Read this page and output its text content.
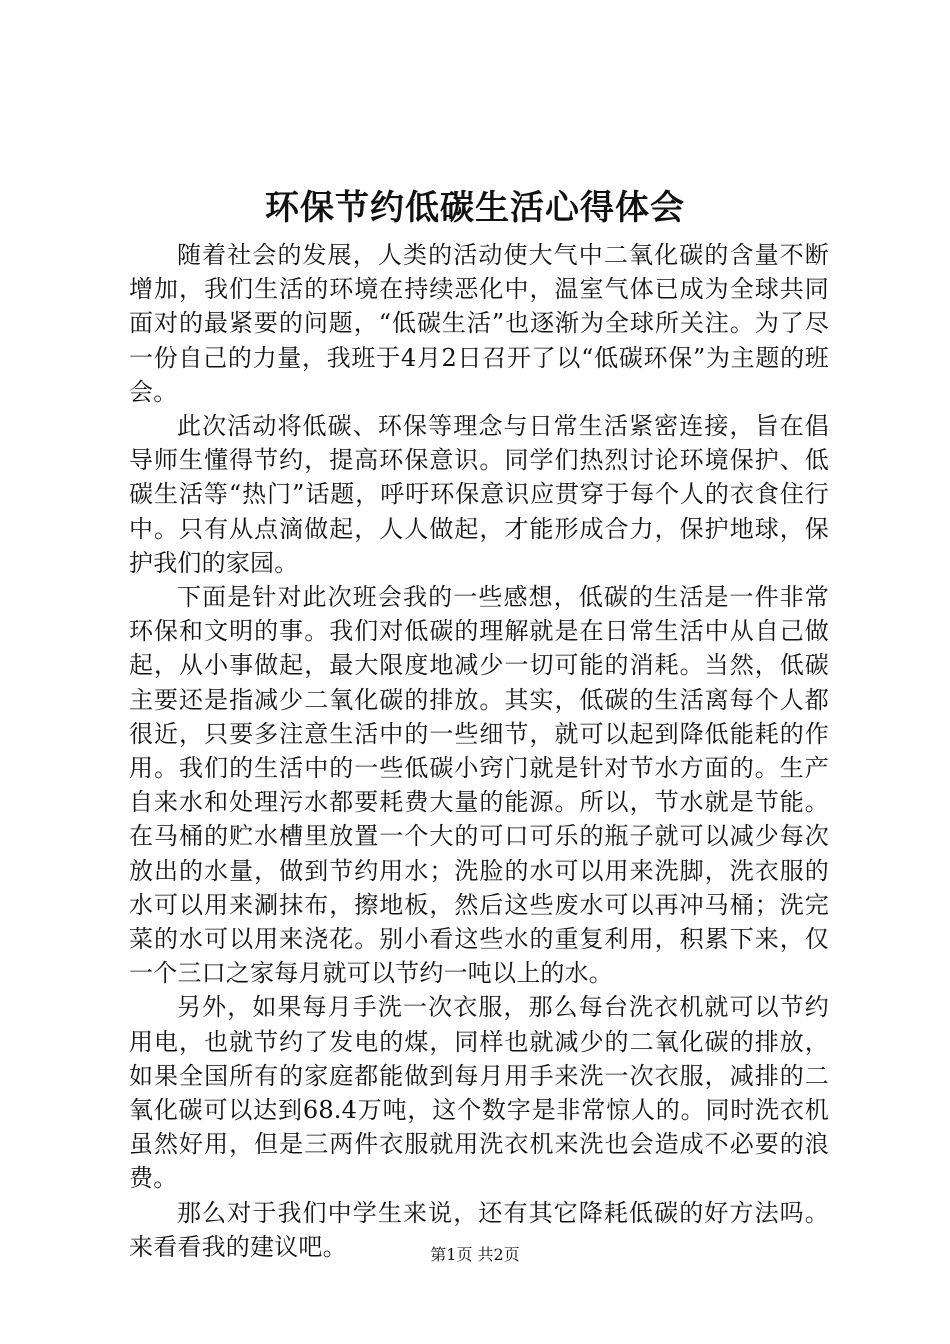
环保节约低碳生活心得体会

随着社会的发展，人类的活动使大气中二氧化碳的含量不断增加，我们生活的环境在持续恶化中，温室气体已成为全球共同面对的最紧要的问题，“低碳生活”也逐渐为全球所关注。为了尽一份自己的力量，我班于4月2日召开了以“低碳环保”为主题的班会。

此次活动将低碳、环保等理念与日常生活紧密连接，旨在倡导师生懂得节约，提高环保意识。同学们热烈讨论环境保护、低碳生活等“热门”话题，呼吁环保意识应贯穿于每个人的衣食住行中。只有从点滴做起，人人做起，才能形成合力，保护地球，保护我们的家园。

下面是针对此次班会我的一些感想，低碳的生活是一件非常环保和文明的事。我们对低碳的理解就是在日常生活中从自己做起，从小事做起，最大限度地减少一切可能的消耗。当然，低碳主要还是指减少二氧化碳的排放。其实，低碳的生活离每个人都很近，只要多注意生活中的一些细节，就可以起到降低能耗的作用。我们的生活中的一些低碳小窍门就是针对节水方面的。生产自来水和处理污水都要耗费大量的能源。所以，节水就是节能。在马桶的贮水槽里放置一个大的可口可乐的瓶子就可以减少每次放出的水量，做到节约用水；洗脸的水可以用来洗脚，洗衣服的水可以用来涮抹布，擦地板，然后这些废水可以再冲马桶；洗完菜的水可以用来浇花。别小看这些水的重复利用，积累下来，仅一个三口之家每月就可以节约一吨以上的水。

另外，如果每月手洗一次衣服，那么每台洗衣机就可以节约用电，也就节约了发电的煤，同样也就减少的二氧化碳的排放，如果全国所有的家庭都能做到每月用手来洗一次衣服，减排的二氧化碳可以达到68.4万吨，这个数字是非常惊人的。同时洗衣机虽然好用，但是三两件衣服就用洗衣机来洗也会造成不必要的浪费。

那么对于我们中学生来说，还有其它降耗低碳的好方法吗。来看看我的建议吧。	第1页 共2页
